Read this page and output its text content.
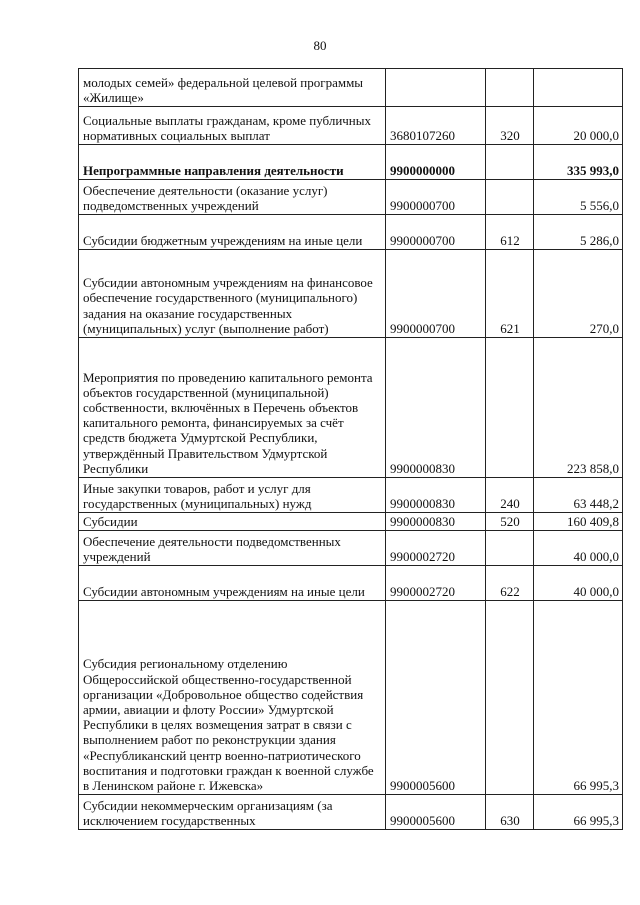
80
молодых семей» федеральной целевой программы «Жилище»			
Социальные выплаты гражданам, кроме публичных нормативных социальных выплат	3680107260	320	20 000,0
Непрограммные направления деятельности	9900000000		335 993,0
Обеспечение деятельности (оказание услуг) подведомственных учреждений	9900000700		5 556,0
Субсидии бюджетным учреждениям на иные цели	9900000700	612	5 286,0
Субсидии автономным учреждениям на финансовое обеспечение государственного (муниципального) задания на оказание государственных (муниципальных) услуг (выполнение работ)	9900000700	621	270,0
Мероприятия по проведению капитального ремонта объектов государственной (муниципальной) собственности, включённых в Перечень объектов капитального ремонта, финансируемых за счёт средств бюджета Удмуртской Республики, утверждённый Правительством Удмуртской Республики	9900000830		223 858,0
Иные закупки товаров, работ и услуг для государственных (муниципальных) нужд	9900000830	240	63 448,2
Субсидии	9900000830	520	160 409,8
Обеспечение деятельности подведомственных учреждений	9900002720		40 000,0
Субсидии автономным учреждениям на иные цели	9900002720	622	40 000,0
Субсидия региональному отделению Общероссийской общественно-государственной организации «Добровольное общество содействия армии, авиации и флоту России» Удмуртской Республики в целях возмещения затрат в связи с выполнением работ по реконструкции здания «Республиканский центр военно-патриотического воспитания и подготовки граждан к военной службе в Ленинском районе г. Ижевска»	9900005600		66 995,3
Субсидии некоммерческим организациям (за исключением государственных	9900005600	630	66 995,3
